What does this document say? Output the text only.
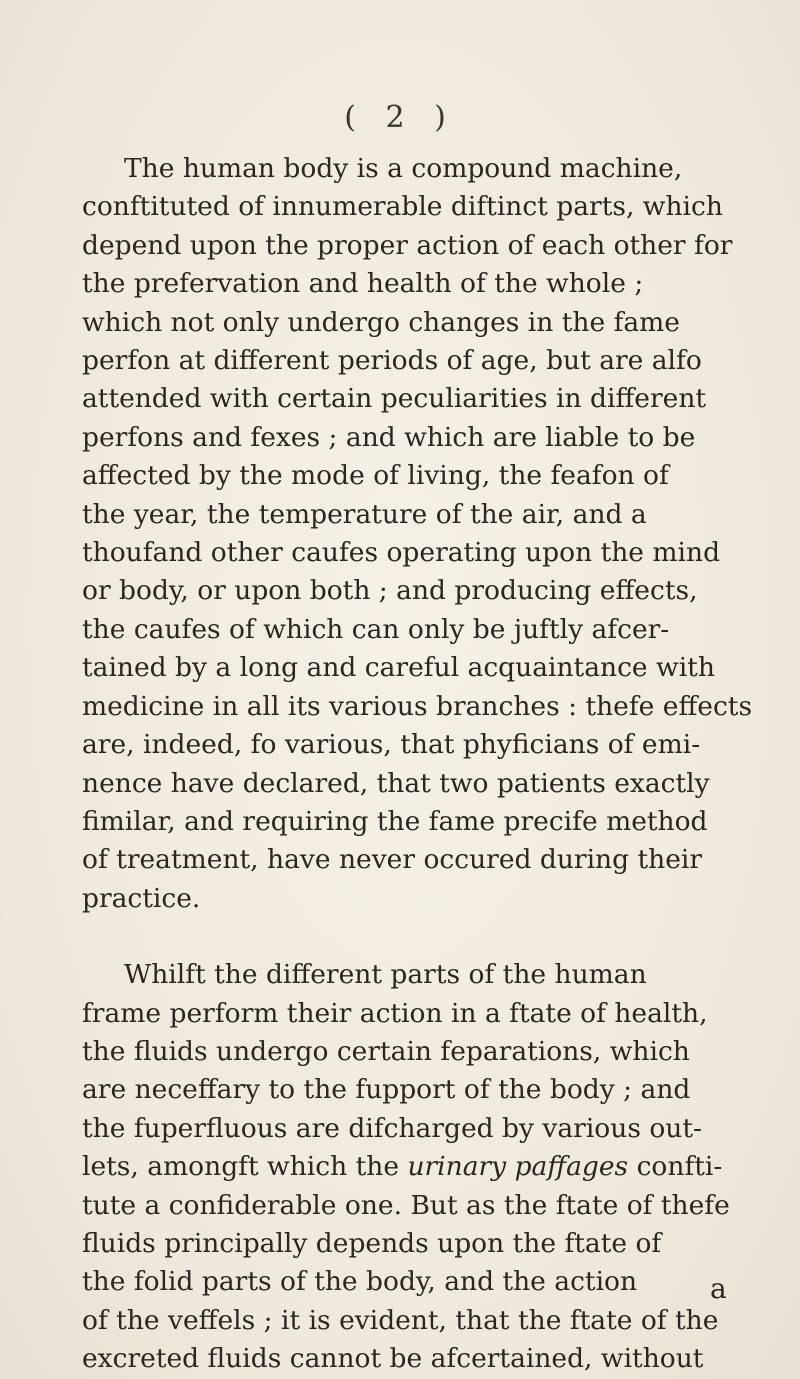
( 2 )
The human body is a compound machine,
conftituted of innumerable diftinct parts, which
depend upon the proper action of each other for
the prefervation and health of the whole ;
which not only undergo changes in the fame
perfon at different periods of age, but are alfo
attended with certain peculiarities in different
perfons and fexes ; and which are liable to be
affected by the mode of living, the feafon of
the year, the temperature of the air, and a
thoufand other caufes operating upon the mind
or body, or upon both ; and producing effects,
the caufes of which can only be juftly afcer-
tained by a long and careful acquaintance with
medicine in all its various branches : thefe effects
are, indeed, fo various, that phyficians of emi-
nence have declared, that two patients exactly
fimilar, and requiring the fame precife method
of treatment, have never occured during their
practice.
Whilft the different parts of the human
frame perform their action in a ftate of health,
the fluids undergo certain feparations, which
are neceffary to the fupport of the body ; and
the fuperfluous are difcharged by various out-
lets, amongft which the urinary paffages confti-
tute a confiderable one. But as the ftate of thefe
fluids principally depends upon the ftate of
the folid parts of the body, and the action
of the veffels ; it is evident, that the ftate of the
excreted fluids cannot be afcertained, without
a
